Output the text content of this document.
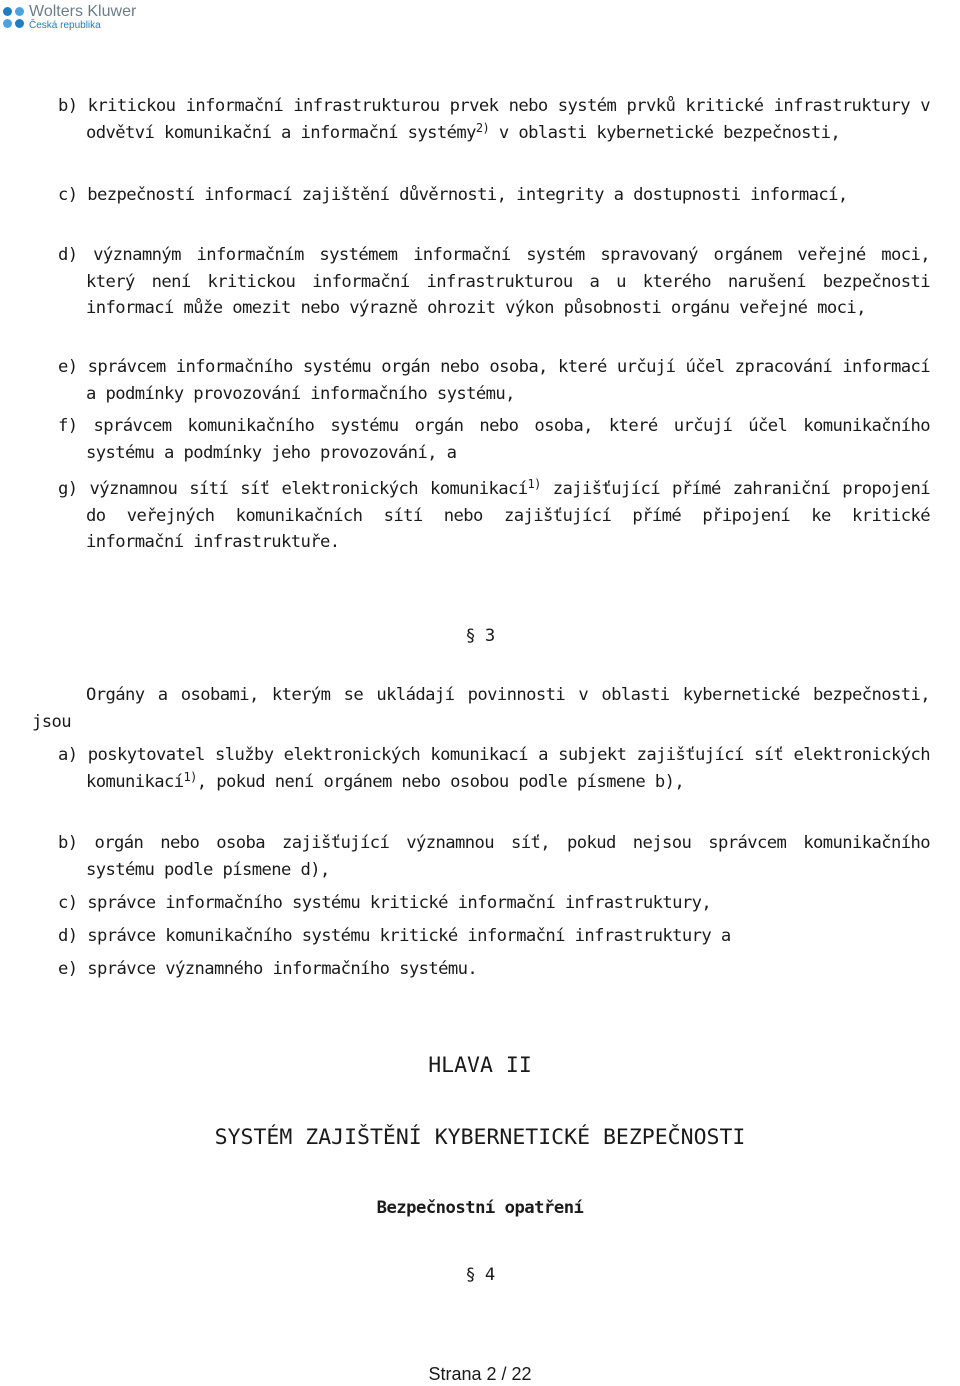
Wolters Kluwer
Česká republika
b) kritickou informační infrastrukturou prvek nebo systém prvků kritické infrastruktury v odvětví komunikační a informační systémy$^{2)}$ v oblasti kybernetické bezpečnosti,
c) bezpečností informací zajištění důvěrnosti, integrity a dostupnosti informací,
d) významným informačním systémem informační systém spravovaný orgánem veřejné moci, který není kritickou informační infrastrukturou a u kterého narušení bezpečnosti informací může omezit nebo výrazně ohrozit výkon působnosti orgánu veřejné moci,
e) správcem informačního systému orgán nebo osoba, které určují účel zpracování informací a podmínky provozování informačního systému,
f) správcem komunikačního systému orgán nebo osoba, které určují účel komunikačního systému a podmínky jeho provozování, a
g) významnou sítí síť elektronických komunikací$^{1)}$ zajišťující přímé zahraniční propojení do veřejných komunikačních sítí nebo zajišťující přímé připojení ke kritické informační infrastruktuře.
§ 3
Orgány a osobami, kterým se ukládají povinnosti v oblasti kybernetické bezpečnosti, jsou
a) poskytovatel služby elektronických komunikací a subjekt zajišťující síť elektronických komunikací$^{1)}$, pokud není orgánem nebo osobou podle písmene b),
b) orgán nebo osoba zajišťující významnou síť, pokud nejsou správcem komunikačního systému podle písmene d),
c) správce informačního systému kritické informační infrastruktury,
d) správce komunikačního systému kritické informační infrastruktury a
e) správce významného informačního systému.
HLAVA II
SYSTÉM ZAJIŠTĚNÍ KYBERNETICKÉ BEZPEČNOSTI
Bezpečnostní opatření
§ 4
Strana 2 / 22
